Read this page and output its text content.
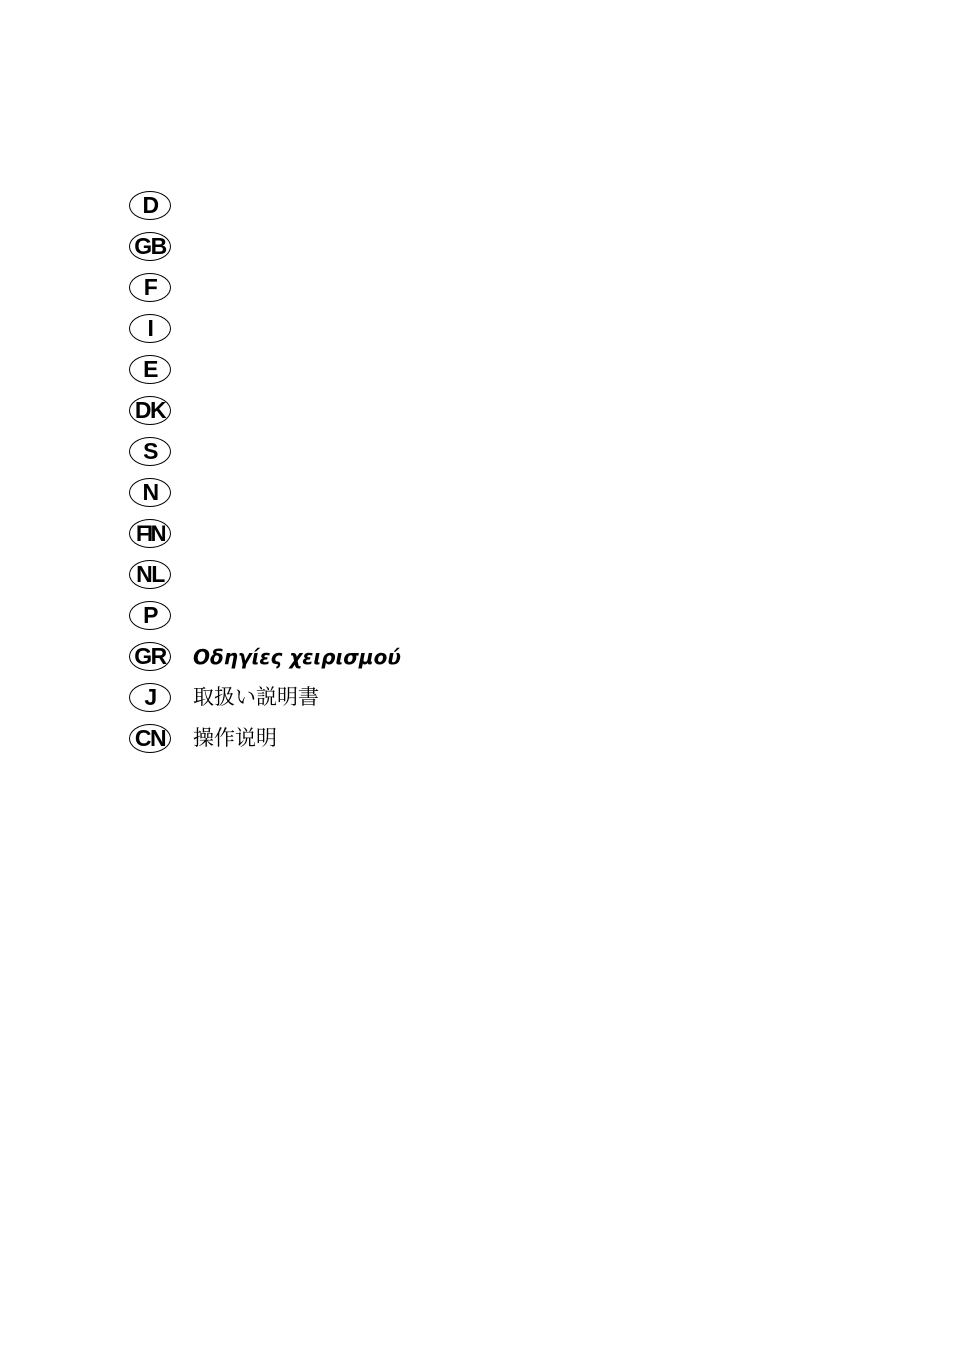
D
GB
F
I
E
DK
S
N
FIN
NL
P
GR Οδηγίες χειρισμού
J	取扱い説明書
CN 操作说明
